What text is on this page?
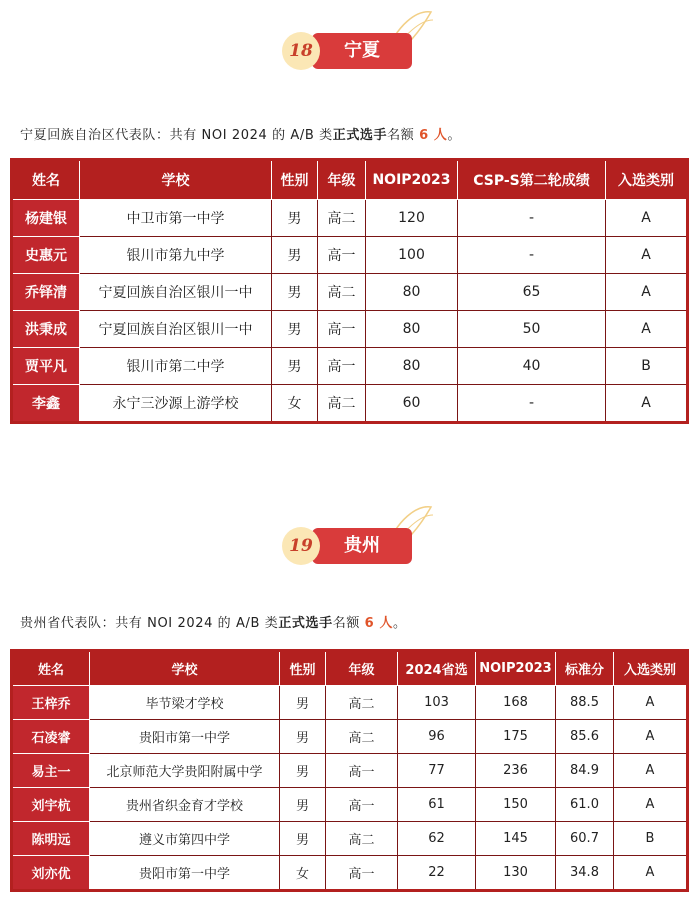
18	宁夏
宁夏回族自治区代表队：共有 NOI 2024 的 A/B 类正式选手名额 6 人。
姓名	学校	性别	年级	NOIP2023	CSP-S第二轮成绩	入选类别
杨建银	中卫市第一中学	男	高二	120	-	A
史惠元	银川市第九中学	男	高一	100	-	A
乔铎清	宁夏回族自治区银川一中	男	高二	80	65	A
洪秉成	宁夏回族自治区银川一中	男	高一	80	50	A
贾平凡	银川市第二中学	男	高一	80	40	B
李鑫	永宁三沙源上游学校	女	高二	60	-	A
19	贵州
贵州省代表队：共有 NOI 2024 的 A/B 类正式选手名额 6 人。
姓名	学校	性别	年级	2024省选	NOIP2023	标准分	入选类别
王梓乔	毕节梁才学校	男	高二	103	168	88.5	A
石凌睿	贵阳市第一中学	男	高二	96	175	85.6	A
易主一	北京师范大学贵阳附属中学	男	高一	77	236	84.9	A
刘宇杭	贵州省织金育才学校	男	高一	61	150	61.0	A
陈明远	遵义市第四中学	男	高二	62	145	60.7	B
刘亦优	贵阳市第一中学	女	高一	22	130	34.8	A
